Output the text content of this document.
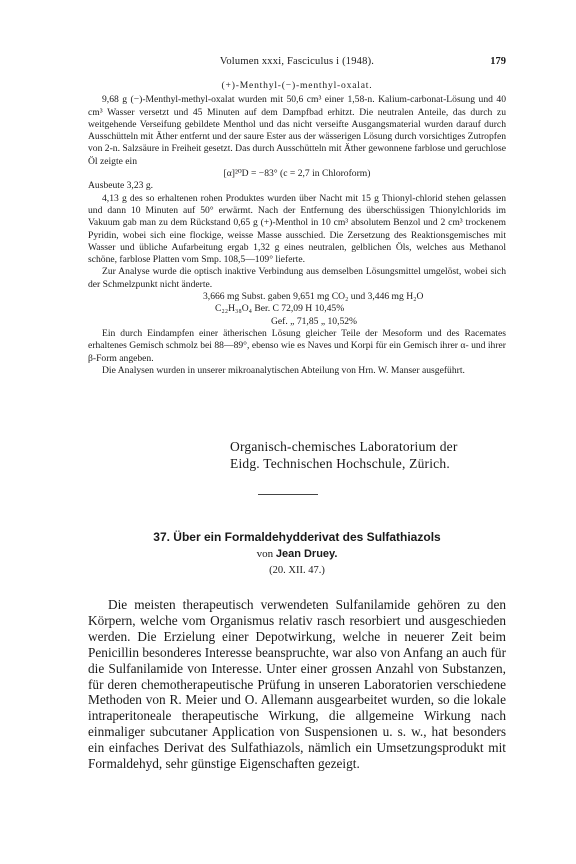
Volumen xxxi, Fasciculus i (1948).	179

(+)-Menthyl-(−)-menthyl-oxalat.

9,68 g (−)-Menthyl-methyl-oxalat wurden mit 50,6 cm³ einer 1,58-n. Kalium-carbonat-Lösung und 40 cm³ Wasser versetzt und 45 Minuten auf dem Dampfbad erhitzt. Die neutralen Anteile, das durch zu weitgehende Verseifung gebildete Menthol und das nicht verseifte Ausgangsmaterial wurden darauf durch Ausschütteln mit Äther entfernt und der saure Ester aus der wässerigen Lösung durch vorsichtiges Zutropfen von 2-n. Salzsäure in Freiheit gesetzt. Das durch Ausschütteln mit Äther gewonnene farblose und geruchlose Öl zeigte ein

[α]²⁰D = −83° (c = 2,7 in Chloroform)

Ausbeute 3,23 g.

4,13 g des so erhaltenen rohen Produktes wurden über Nacht mit 15 g Thionyl-chlorid stehen gelassen und dann 10 Minuten auf 50° erwärmt. Nach der Entfernung des überschüssigen Thionylchlorids im Vakuum gab man zu dem Rückstand 0,65 g (+)-Menthol in 10 cm³ absolutem Benzol und 2 cm³ trockenem Pyridin, wobei sich eine flockige, weisse Masse ausschied. Die Zersetzung des Reaktionsgemisches mit Wasser und übliche Aufarbeitung ergab 1,32 g eines neutralen, gelblichen Öls, welches aus Methanol schöne, farblose Platten vom Smp. 108,5—109° lieferte.

Zur Analyse wurde die optisch inaktive Verbindung aus demselben Lösungsmittel umgelöst, wobei sich der Schmelzpunkt nicht änderte.

3,666 mg Subst. gaben 9,651 mg CO₂ und 3,446 mg H₂O
C₂₂H₃₈O₄ Ber. C 72,09 H 10,45%
Gef. „ 71,85 „ 10,52%

Ein durch Eindampfen einer ätherischen Lösung gleicher Teile der Mesoform und des Racemates erhaltenes Gemisch schmolz bei 88—89°, ebenso wie es Naves und Korpi für ein Gemisch ihrer α- und ihrer β-Form angeben.

Die Analysen wurden in unserer mikroanalytischen Abteilung von Hrn. W. Manser ausgeführt.

Organisch-chemisches Laboratorium der
Eidg. Technischen Hochschule, Zürich.
37. Über ein Formaldehydderivat des Sulfathiazols
von Jean Druey.
(20. XII. 47.)

Die meisten therapeutisch verwendeten Sulfanilamide gehören zu den Körpern, welche vom Organismus relativ rasch resorbiert und ausgeschieden werden. Die Erzielung einer Depotwirkung, welche in neuerer Zeit beim Penicillin besonderes Interesse beanspruchte, war also von Anfang an auch für die Sulfanilamide von Interesse. Unter einer grossen Anzahl von Substanzen, für deren chemotherapeutische Prüfung in unseren Laboratorien verschiedene Methoden von R. Meier und O. Allemann ausgearbeitet wurden, so die lokale intraperitoneale therapeutische Wirkung, die allgemeine Wirkung nach einmaliger subcutaner Application von Suspensionen u. s. w., hat besonders ein einfaches Derivat des Sulfathiazols, nämlich ein Umsetzungsprodukt mit Formaldehyd, sehr günstige Eigenschaften gezeigt.
